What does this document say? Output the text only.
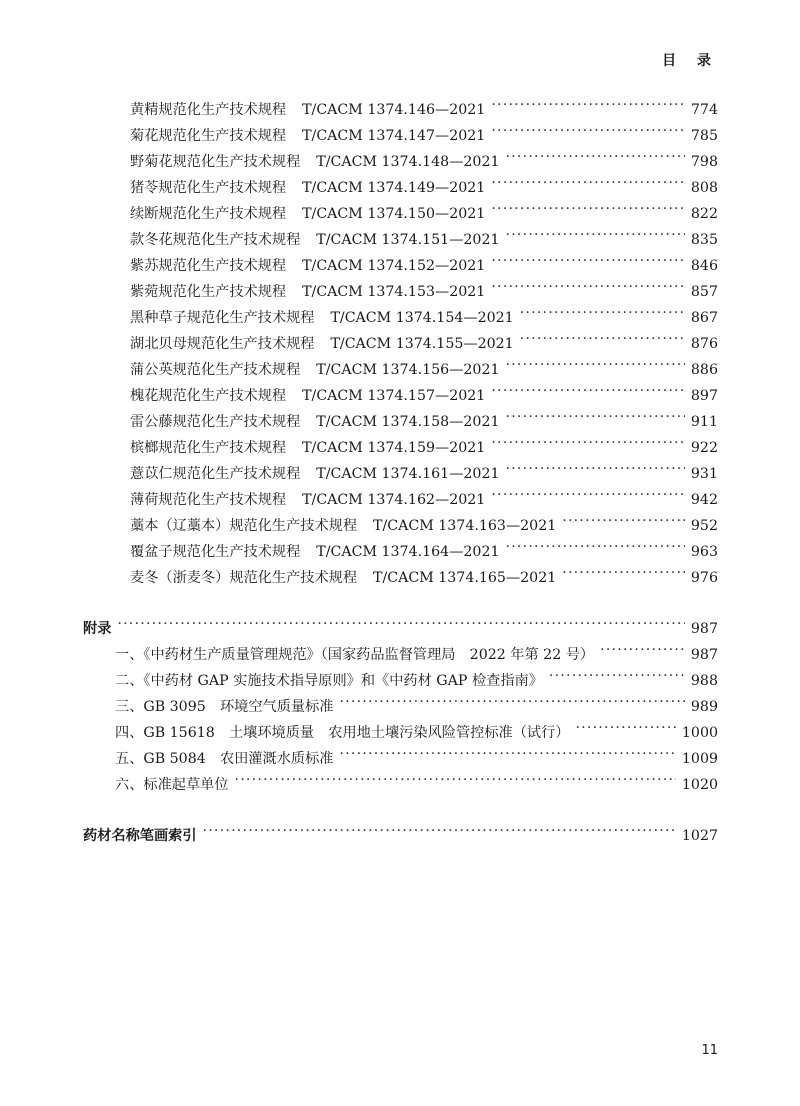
目 录
黄精规范化生产技术规程 T/CACM 1374.146—2021 ·····	774
菊花规范化生产技术规程 T/CACM 1374.147—2021 ·····	785
野菊花规范化生产技术规程 T/CACM 1374.148—2021 ·····	798
猪苓规范化生产技术规程 T/CACM 1374.149—2021 ·····	808
续断规范化生产技术规程 T/CACM 1374.150—2021 ·····	822
款冬花规范化生产技术规程 T/CACM 1374.151—2021 ·····	835
紫苏规范化生产技术规程 T/CACM 1374.152—2021 ·····	846
紫菀规范化生产技术规程 T/CACM 1374.153—2021 ·····	857
黑种草子规范化生产技术规程 T/CACM 1374.154—2021 ·····	867
湖北贝母规范化生产技术规程 T/CACM 1374.155—2021 ·····	876
蒲公英规范化生产技术规程 T/CACM 1374.156—2021 ·····	886
槐花规范化生产技术规程 T/CACM 1374.157—2021 ·····	897
雷公藤规范化生产技术规程 T/CACM 1374.158—2021 ·····	911
槟榔规范化生产技术规程 T/CACM 1374.159—2021 ·····	922
薏苡仁规范化生产技术规程 T/CACM 1374.161—2021 ·····	931
薄荷规范化生产技术规程 T/CACM 1374.162—2021 ·····	942
藁本（辽藁本）规范化生产技术规程 T/CACM 1374.163—2021 ·····	952
覆盆子规范化生产技术规程 T/CACM 1374.164—2021 ·····	963
麦冬（浙麦冬）规范化生产技术规程 T/CACM 1374.165—2021 ·····	976
附录 ·····	987
一、《中药材生产质量管理规范》（国家药品监督管理局　2022 年第 22 号） ·····	987
二、《中药材 GAP 实施技术指导原则》和《中药材 GAP 检查指南》 ·····	988
三、GB 3095　环境空气质量标准 ·····	989
四、GB 15618　土壤环境质量　农用地土壤污染风险管控标准（试行） ·····	1000
五、GB 5084　农田灌溉水质标准 ·····	1009
六、标准起草单位 ·····	1020
药材名称笔画索引 ·····	1027
11
